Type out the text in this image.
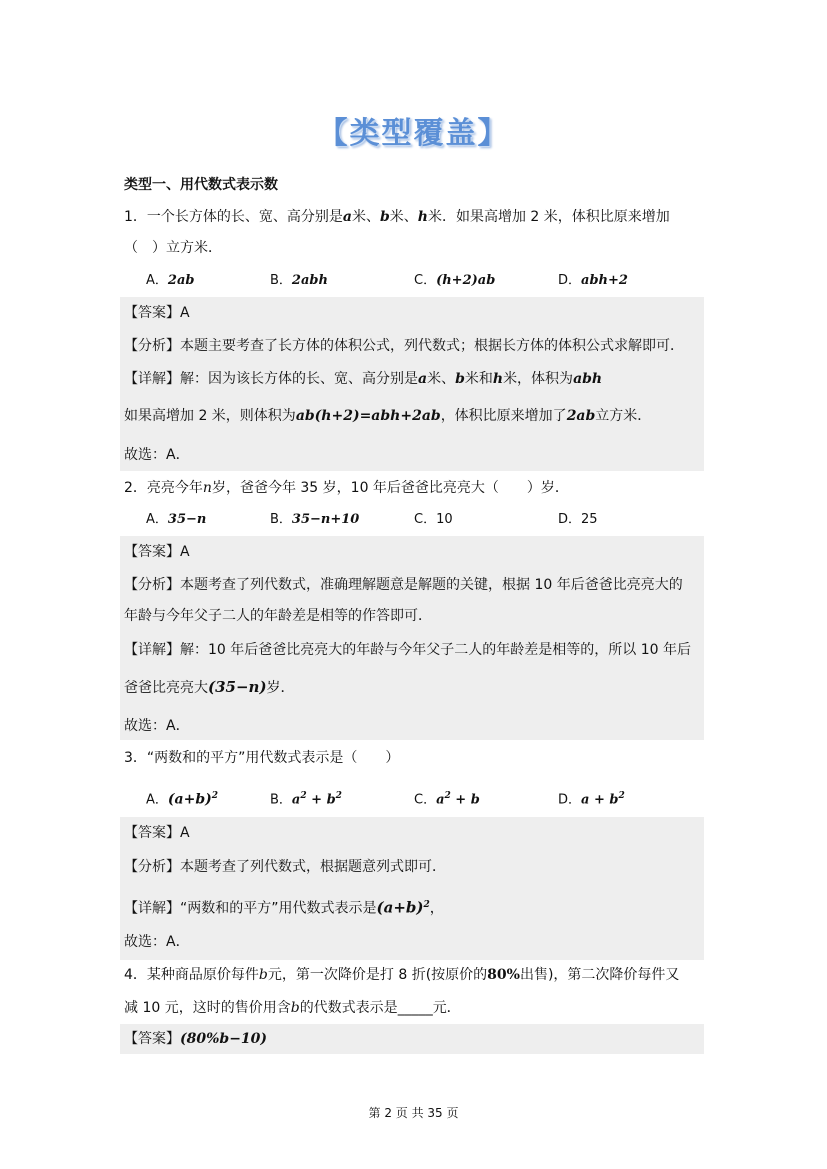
【类型覆盖】
类型一、用代数式表示数
1．一个长方体的长、宽、高分别是a米、b米、h米．如果高增加 2 米，体积比原来增加
（　）立方米．
A．2ab	B．2abh	C．(h+2)ab	D．abh+2
【答案】A
【分析】本题主要考查了长方体的体积公式，列代数式；根据长方体的体积公式求解即可．
【详解】解：因为该长方体的长、宽、高分别是a米、b米和h米，体积为abh
如果高增加 2 米，则体积为ab(h+2)=abh+2ab，体积比原来增加了2ab立方米．
故选：A．
2．亮亮今年n岁，爸爸今年 35 岁，10 年后爸爸比亮亮大（　　）岁．
A．35−n	B．35−n+10	C．10	D．25
【答案】A
【分析】本题考查了列代数式，准确理解题意是解题的关键，根据 10 年后爸爸比亮亮大的
年龄与今年父子二人的年龄差是相等的作答即可．
【详解】解：10 年后爸爸比亮亮大的年龄与今年父子二人的年龄差是相等的，所以 10 年后
爸爸比亮亮大(35−n)岁．
故选：A．
3．“两数和的平方”用代数式表示是（　　）
A．$(a+b)^2$	B．$a^2 + b^2$	C．$a^2 + b$	D．$a + b^2$
【答案】A
【分析】本题考查了列代数式，根据题意列式即可．
【详解】“两数和的平方”用代数式表示是$(a+b)^2$，
故选：A．
4．某种商品原价每件b元，第一次降价是打 8 折(按原价的80%出售)，第二次降价每件又
减 10 元，这时的售价用含b的代数式表示是_____元．
【答案】(80%b−10)
第 2 页 共 35 页
